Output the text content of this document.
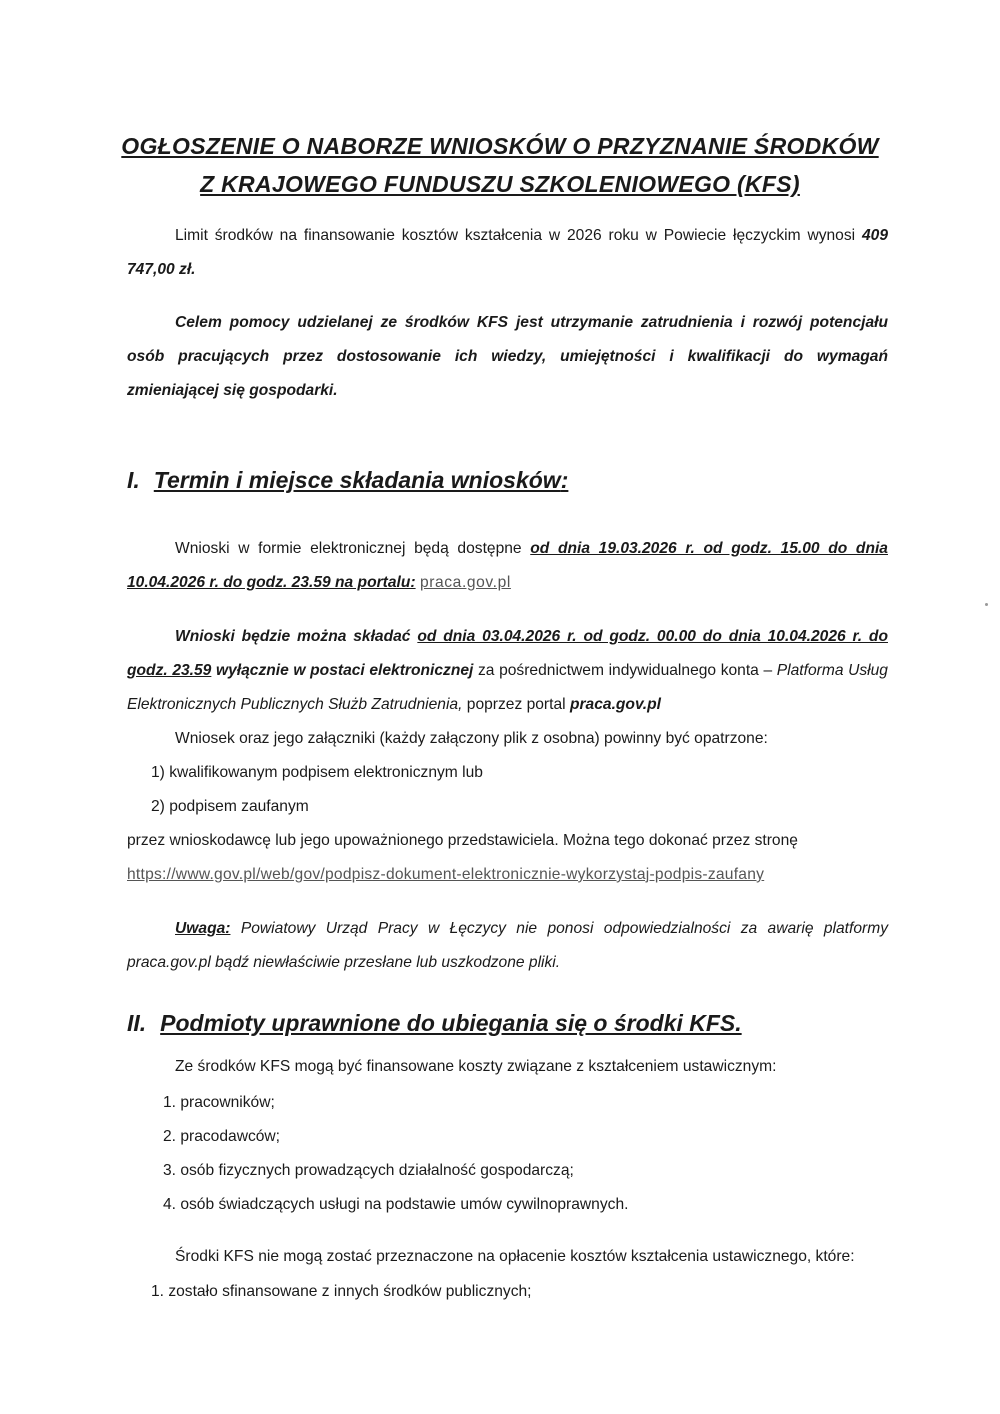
OGŁOSZENIE O NABORZE WNIOSKÓW O PRZYZNANIE ŚRODKÓW
Z KRAJOWEGO FUNDUSZU SZKOLENIOWEGO (KFS)
Limit środków na finansowanie kosztów kształcenia w 2026 roku w Powiecie łęczyckim wynosi 409 747,00 zł.
Celem pomocy udzielanej ze środków KFS jest utrzymanie zatrudnienia i rozwój potencjału osób pracujących przez dostosowanie ich wiedzy, umiejętności i kwalifikacji do wymagań zmieniającej się gospodarki.
I. Termin i miejsce składania wniosków:
Wnioski w formie elektronicznej będą dostępne od dnia 19.03.2026 r. od godz. 15.00 do dnia 10.04.2026 r. do godz. 23.59 na portalu: praca.gov.pl
Wnioski będzie można składać od dnia 03.04.2026 r. od godz. 00.00 do dnia 10.04.2026 r. do godz. 23.59 wyłącznie w postaci elektronicznej za pośrednictwem indywidualnego konta – Platforma Usług Elektronicznych Publicznych Służb Zatrudnienia, poprzez portal praca.gov.pl
Wniosek oraz jego załączniki (każdy załączony plik z osobna) powinny być opatrzone:
1) kwalifikowanym podpisem elektronicznym lub
2) podpisem zaufanym
przez wnioskodawcę lub jego upoważnionego przedstawiciela. Można tego dokonać przez stronę
https://www.gov.pl/web/gov/podpisz-dokument-elektronicznie-wykorzystaj-podpis-zaufany
Uwaga: Powiatowy Urząd Pracy w Łęczycy nie ponosi odpowiedzialności za awarię platformy praca.gov.pl bądź niewłaściwie przesłane lub uszkodzone pliki.
II. Podmioty uprawnione do ubiegania się o środki KFS.
Ze środków KFS mogą być finansowane koszty związane z kształceniem ustawicznym:
1. pracowników;
2. pracodawców;
3. osób fizycznych prowadzących działalność gospodarczą;
4. osób świadczących usługi na podstawie umów cywilnoprawnych.
Środki KFS nie mogą zostać przeznaczone na opłacenie kosztów kształcenia ustawicznego, które:
1. zostało sfinansowane z innych środków publicznych;
